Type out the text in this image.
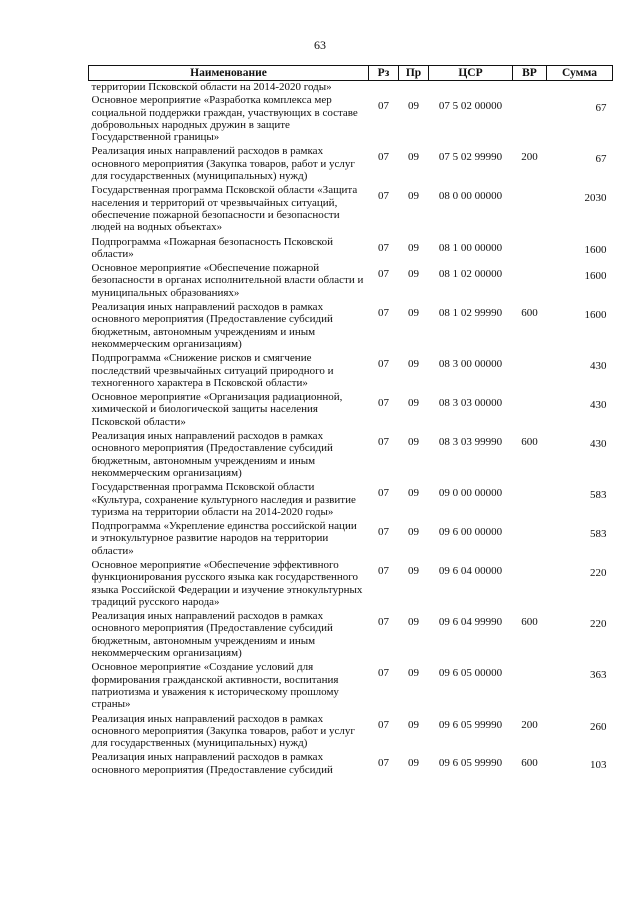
63
Наименование	Рз	Пр	ЦСР	ВР	Сумма
территории Псковской области на 2014-2020 годы»					
Основное мероприятие «Разработка комплекса мер социальной поддержки граждан, участвующих в составе добровольных народных дружин в защите Государственной границы»	07	09	07 5 02 00000		67
Реализация иных направлений расходов в рамках основного мероприятия (Закупка товаров, работ и услуг для государственных (муниципальных) нужд)	07	09	07 5 02 99990	200	67
Государственная программа Псковской области «Защита населения и территорий от чрезвычайных ситуаций, обеспечение пожарной безопасности и безопасности людей на водных объектах»	07	09	08 0 00 00000		2030
Подпрограмма «Пожарная безопасность Псковской области»	07	09	08 1 00 00000		1600
Основное мероприятие «Обеспечение пожарной безопасности в органах исполнительной власти области и муниципальных образованиях»	07	09	08 1 02 00000		1600
Реализация иных направлений расходов в рамках основного мероприятия (Предоставление субсидий бюджетным, автономным учреждениям и иным некоммерческим организациям)	07	09	08 1 02 99990	600	1600
Подпрограмма «Снижение рисков и смягчение последствий чрезвычайных ситуаций природного и техногенного характера в Псковской области»	07	09	08 3 00 00000		430
Основное мероприятие «Организация радиационной, химической и биологической защиты населения Псковской области»	07	09	08 3 03 00000		430
Реализация иных направлений расходов в рамках основного мероприятия (Предоставление субсидий бюджетным, автономным учреждениям и иным некоммерческим организациям)	07	09	08 3 03 99990	600	430
Государственная программа Псковской области «Культура, сохранение культурного наследия и развитие туризма на территории области на 2014-2020 годы»	07	09	09 0 00 00000		583
Подпрограмма «Укрепление единства российской нации и этнокультурное развитие народов на территории области»	07	09	09 6 00 00000		583
Основное мероприятие «Обеспечение эффективного функционирования русского языка как государственного языка Российской Федерации и изучение этнокультурных традиций русского народа»	07	09	09 6 04 00000		220
Реализация иных направлений расходов в рамках основного мероприятия (Предоставление субсидий бюджетным, автономным учреждениям и иным некоммерческим организациям)	07	09	09 6 04 99990	600	220
Основное мероприятие «Создание условий для формирования гражданской активности, воспитания патриотизма и уважения к историческому прошлому страны»	07	09	09 6 05 00000		363
Реализация иных направлений расходов в рамках основного мероприятия (Закупка товаров, работ и услуг для государственных (муниципальных) нужд)	07	09	09 6 05 99990	200	260
Реализация иных направлений расходов в рамках основного мероприятия (Предоставление субсидий	07	09	09 6 05 99990	600	103
